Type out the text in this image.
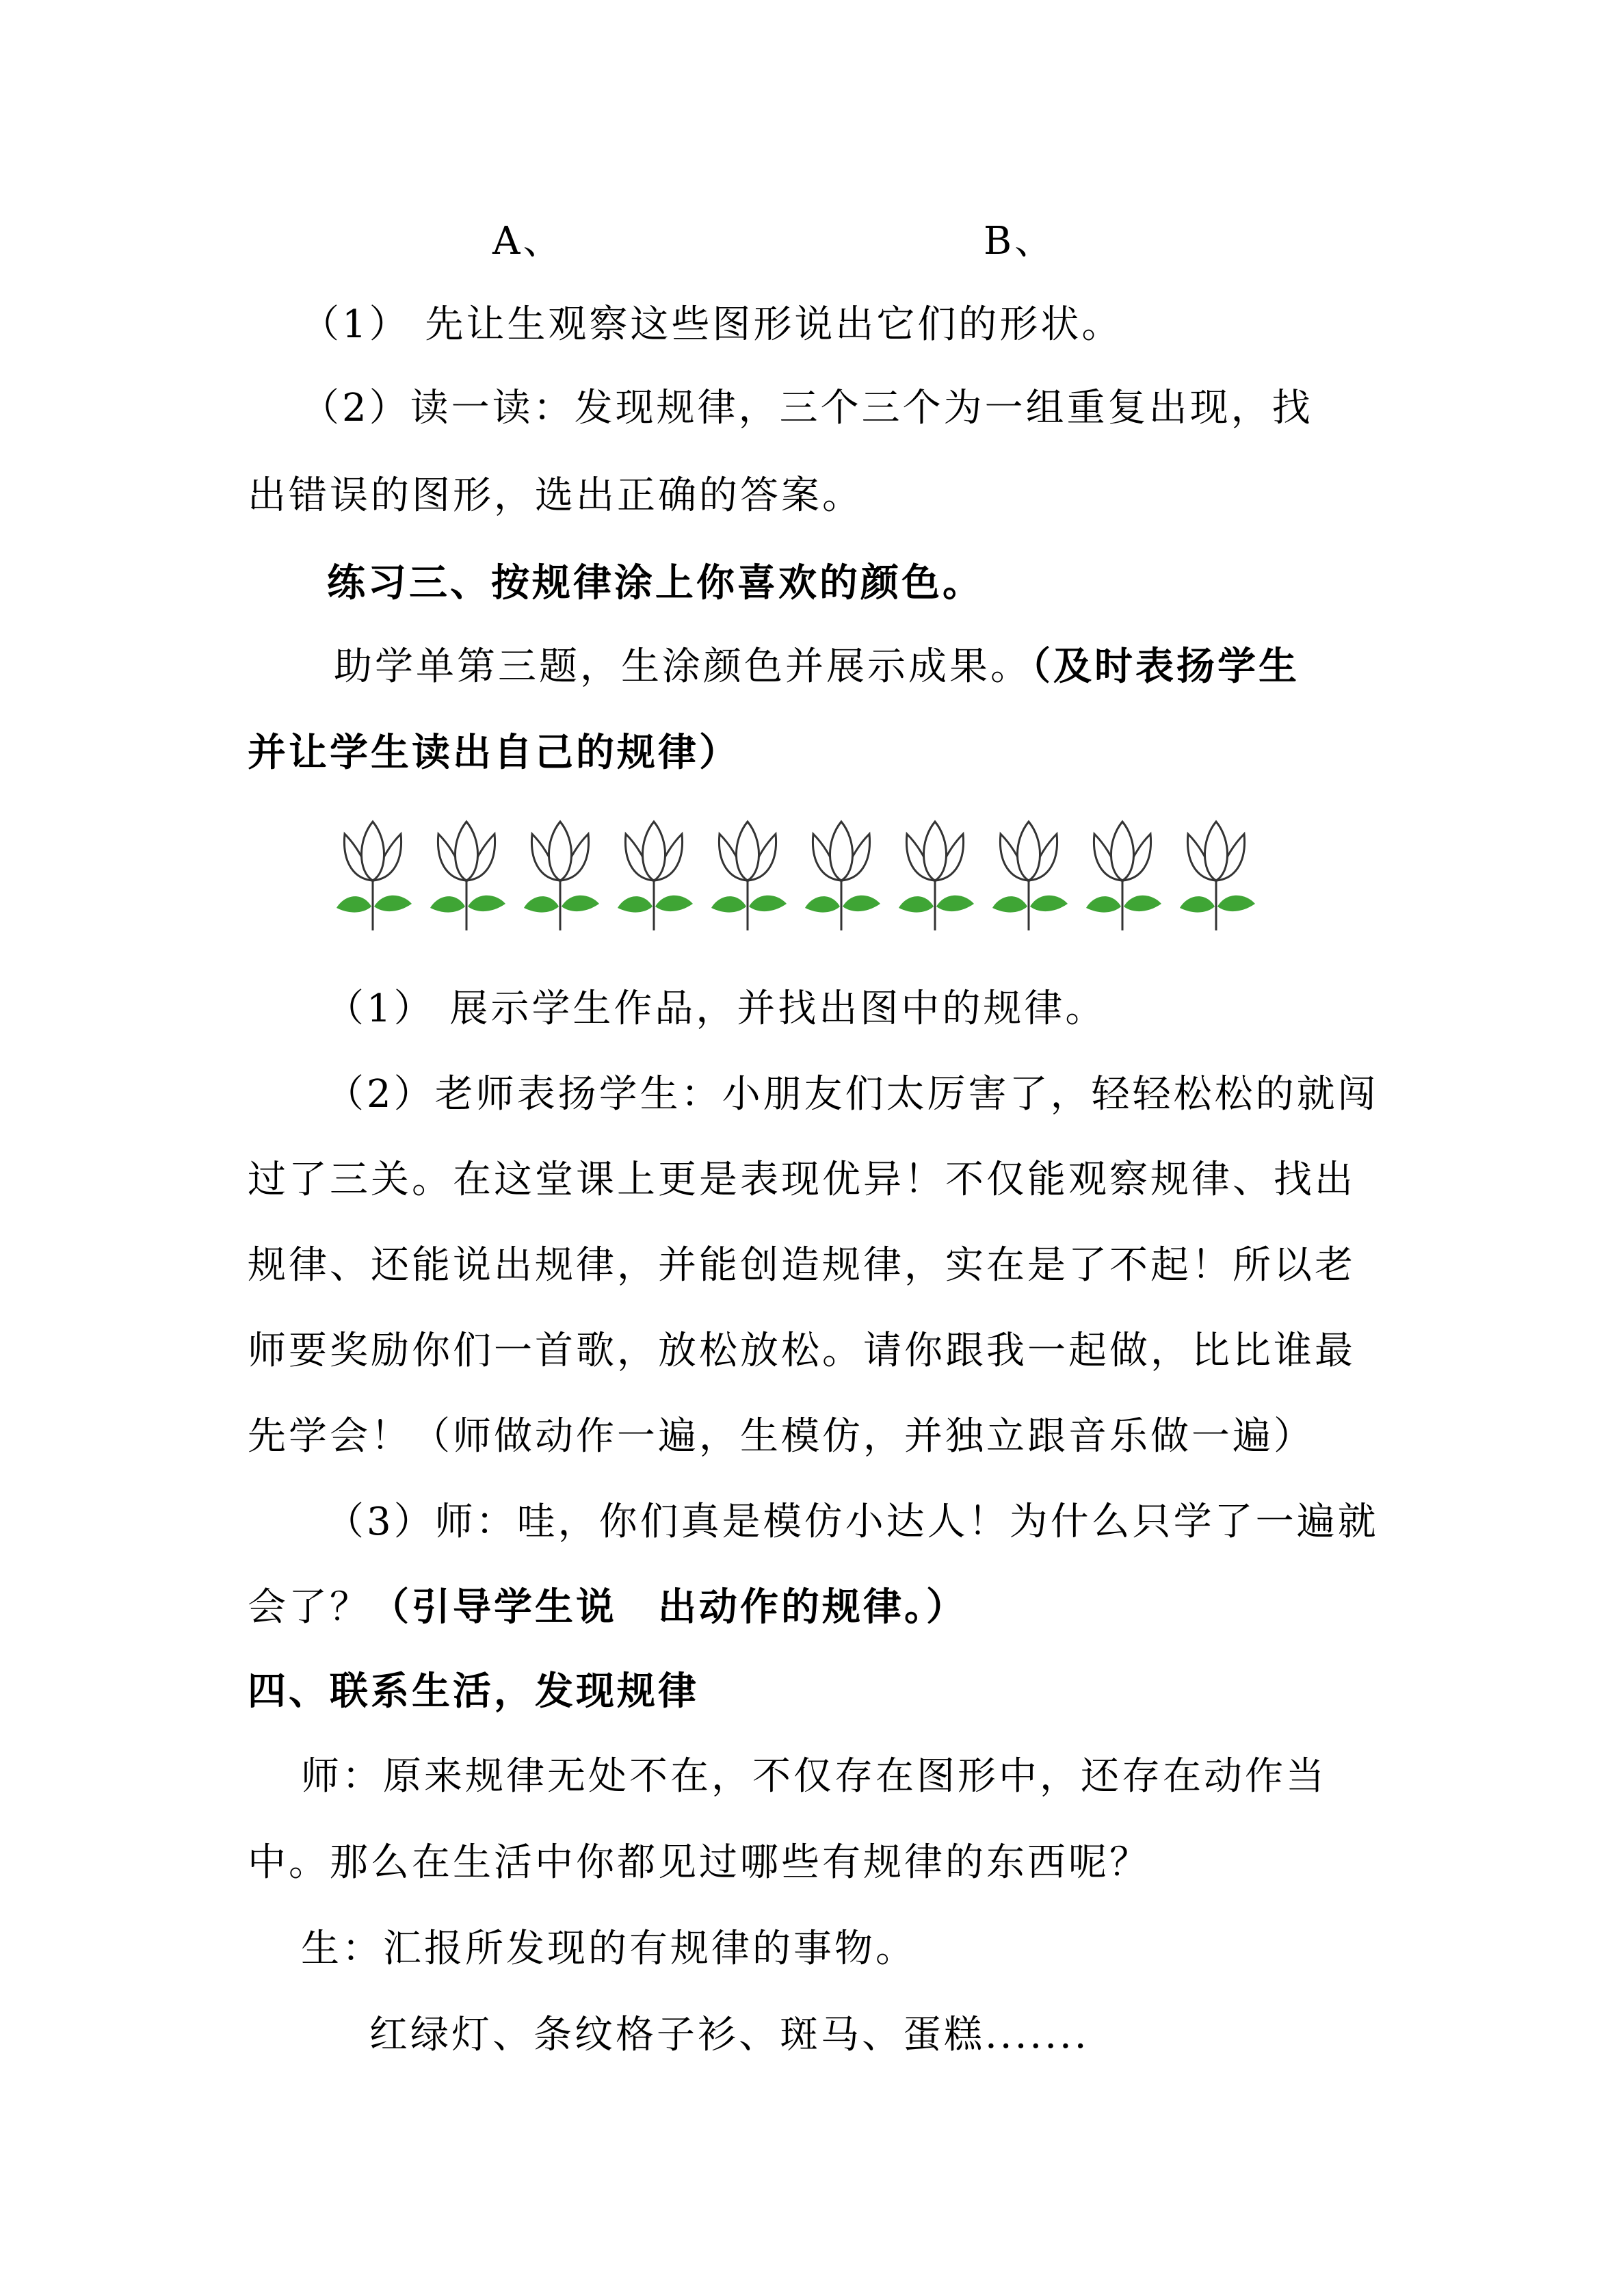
A、	B、

（1） 先让生观察这些图形说出它们的形状。

（2）读一读：发现规律，三个三个为一组重复出现，找

出错误的图形，选出正确的答案。

练习三、按规律涂上你喜欢的颜色。

助学单第三题，生涂颜色并展示成果。（及时表扬学生

并让学生读出自己的规律）

（1） 展示学生作品，并找出图中的规律。

（2）老师表扬学生：小朋友们太厉害了，轻轻松松的就闯

过了三关。在这堂课上更是表现优异！不仅能观察规律、找出

规律、还能说出规律，并能创造规律，实在是了不起！所以老

师要奖励你们一首歌，放松放松。请你跟我一起做，比比谁最

先学会！（师做动作一遍，生模仿，并独立跟音乐做一遍）

（3）师：哇，你们真是模仿小达人！为什么只学了一遍就

会了？（引导学生说　出动作的规律。）

四、联系生活，发现规律

师：原来规律无处不在，不仅存在图形中，还存在动作当

中。那么在生活中你都见过哪些有规律的东西呢？

生：汇报所发现的有规律的事物。

红绿灯、条纹格子衫、斑马、蛋糕.......
